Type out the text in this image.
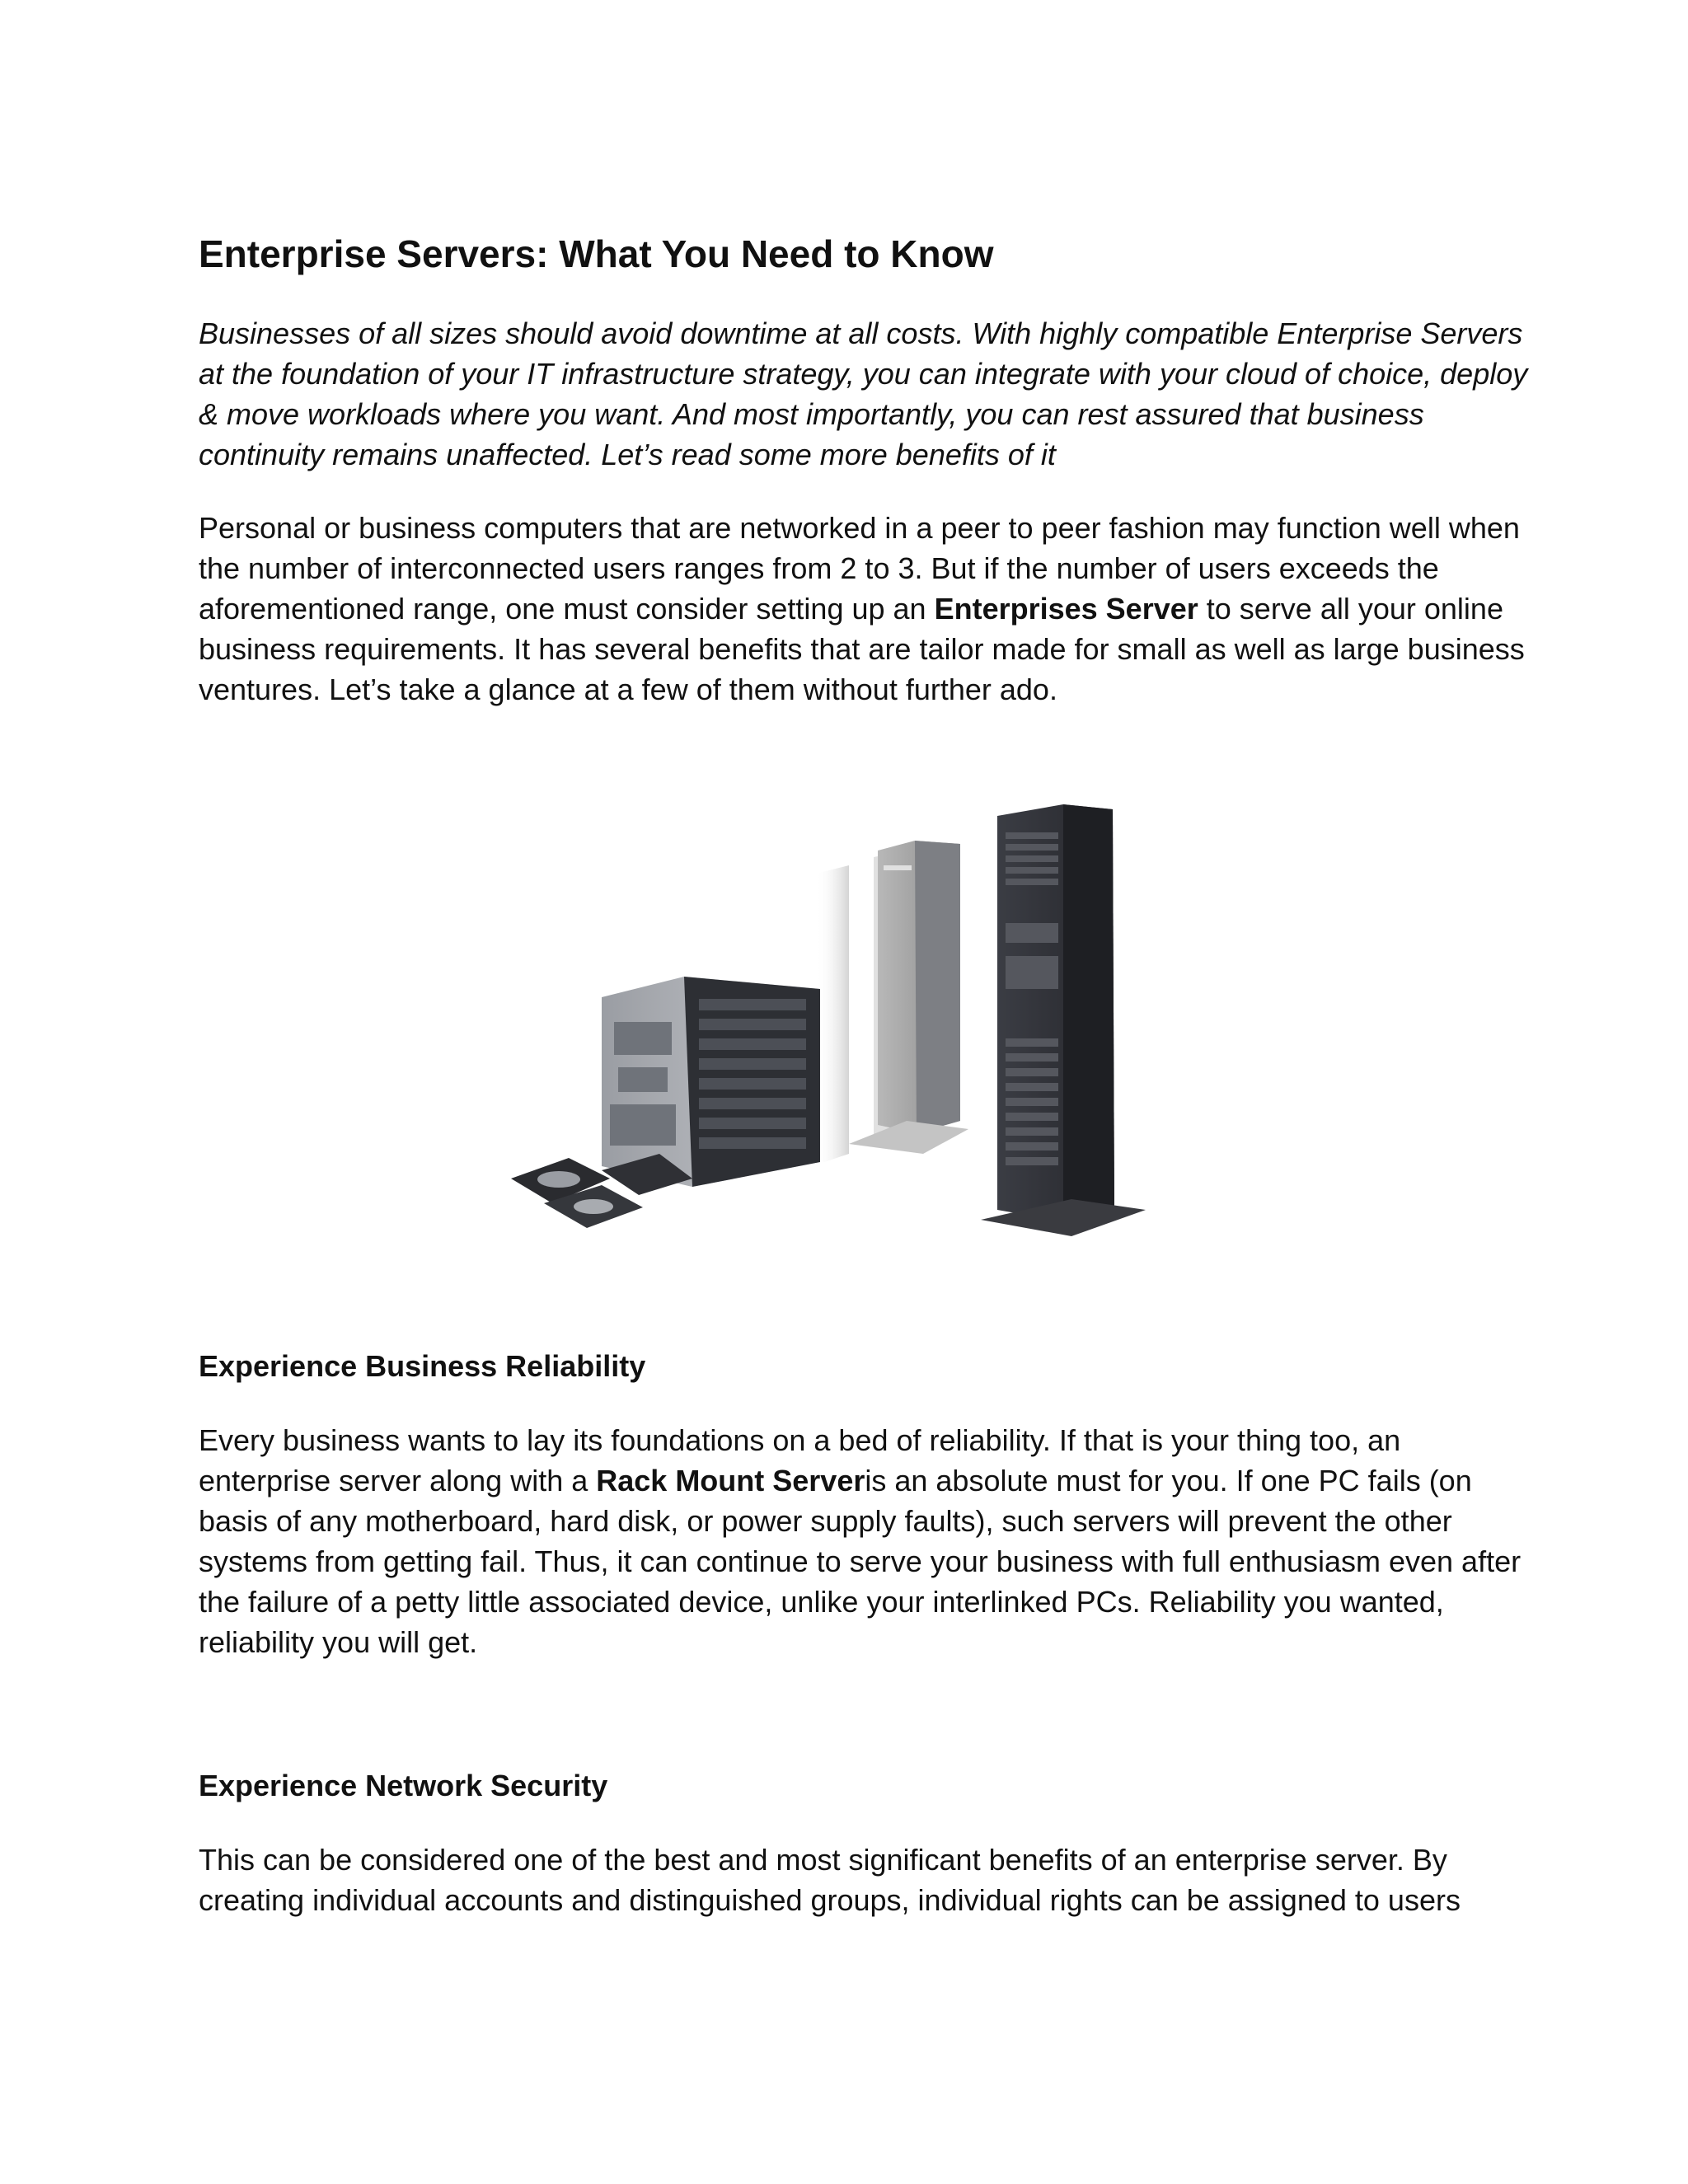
Enterprise Servers: What You Need to Know

Businesses of all sizes should avoid downtime at all costs. With highly compatible Enterprise Servers at the foundation of your IT infrastructure strategy, you can integrate with your cloud of choice, deploy & move workloads where you want. And most importantly, you can rest assured that business continuity remains unaffected. Let’s read some more benefits of it

Personal or business computers that are networked in a peer to peer fashion may function well when the number of interconnected users ranges from 2 to 3. But if the number of users exceeds the aforementioned range, one must consider setting up an Enterprises Server to serve all your online business requirements. It has several benefits that are tailor made for small as well as large business ventures. Let’s take a glance at a few of them without further ado.

Experience Business Reliability

Every business wants to lay its foundations on a bed of reliability. If that is your thing too, an enterprise server along with a Rack Mount Serveris an absolute must for you. If one PC fails (on basis of any motherboard, hard disk, or power supply faults), such servers will prevent the other systems from getting fail. Thus, it can continue to serve your business with full enthusiasm even after the failure of a petty little associated device, unlike your interlinked PCs. Reliability you wanted, reliability you will get.

Experience Network Security

This can be considered one of the best and most significant benefits of an enterprise server. By creating individual accounts and distinguished groups, individual rights can be assigned to users
